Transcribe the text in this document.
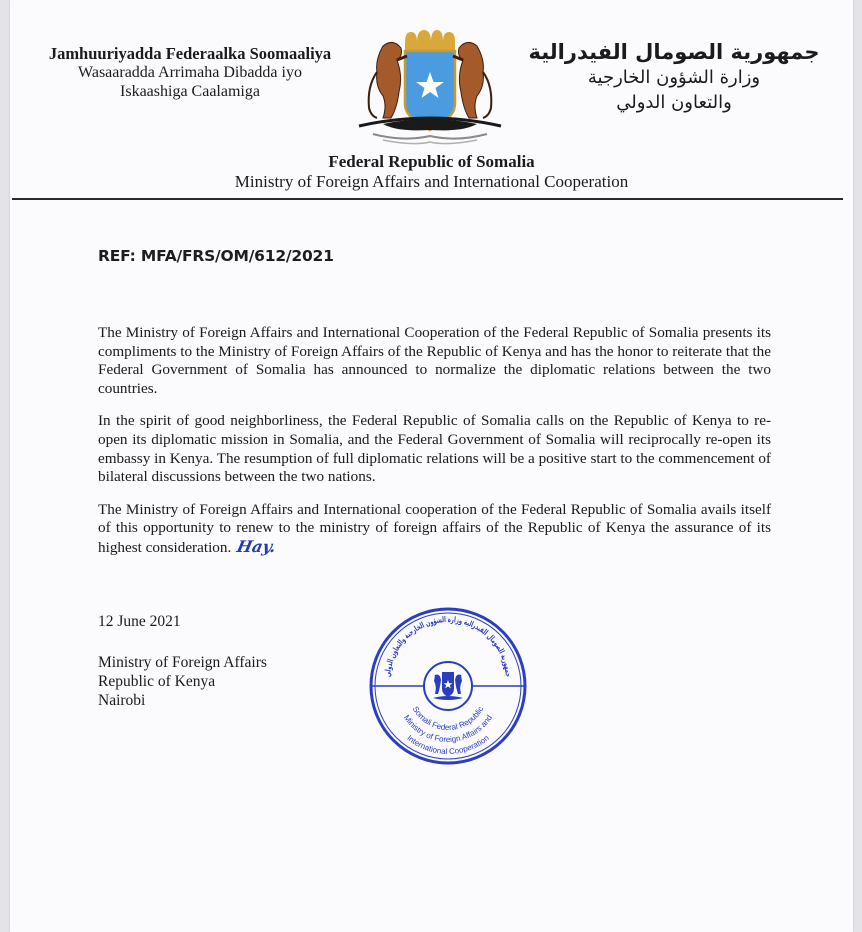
Jamhuuriyadda Federaalka Soomaaliya
Wasaaradda Arrimaha Dibadda iyo
Iskaashiga Caalamiga
جمهورية الصومال الفيدرالية
وزارة الشؤون الخارجية
والتعاون الدولي
Federal Republic of Somalia
Ministry of Foreign Affairs and International Cooperation
REF: MFA/FRS/OM/612/2021

The Ministry of Foreign Affairs and International Cooperation of the Federal Republic of Somalia presents its compliments to the Ministry of Foreign Affairs of the Republic of Kenya and has the honor to reiterate that the Federal Government of Somalia has announced to normalize the diplomatic relations between the two countries.

In the spirit of good neighborliness, the Federal Republic of Somalia calls on the Republic of Kenya to re-open its diplomatic mission in Somalia, and the Federal Government of Somalia will reciprocally re-open its embassy in Kenya. The resumption of full diplomatic relations will be a positive start to the commencement of bilateral discussions between the two nations.

The Ministry of Foreign Affairs and International cooperation of the Federal Republic of Somalia avails itself of this opportunity to renew to the ministry of foreign affairs of the Republic of Kenya the assurance of its highest consideration. Hay.

12 June 2021
Ministry of Foreign Affairs
Republic of Kenya
Nairobi
جمهورية الصومال الفيدرالية وزارة الشؤون الخارجية والتعاون الدولي
Somali Federal Republic
Ministry of Foreign Affairs and
International Cooperation
